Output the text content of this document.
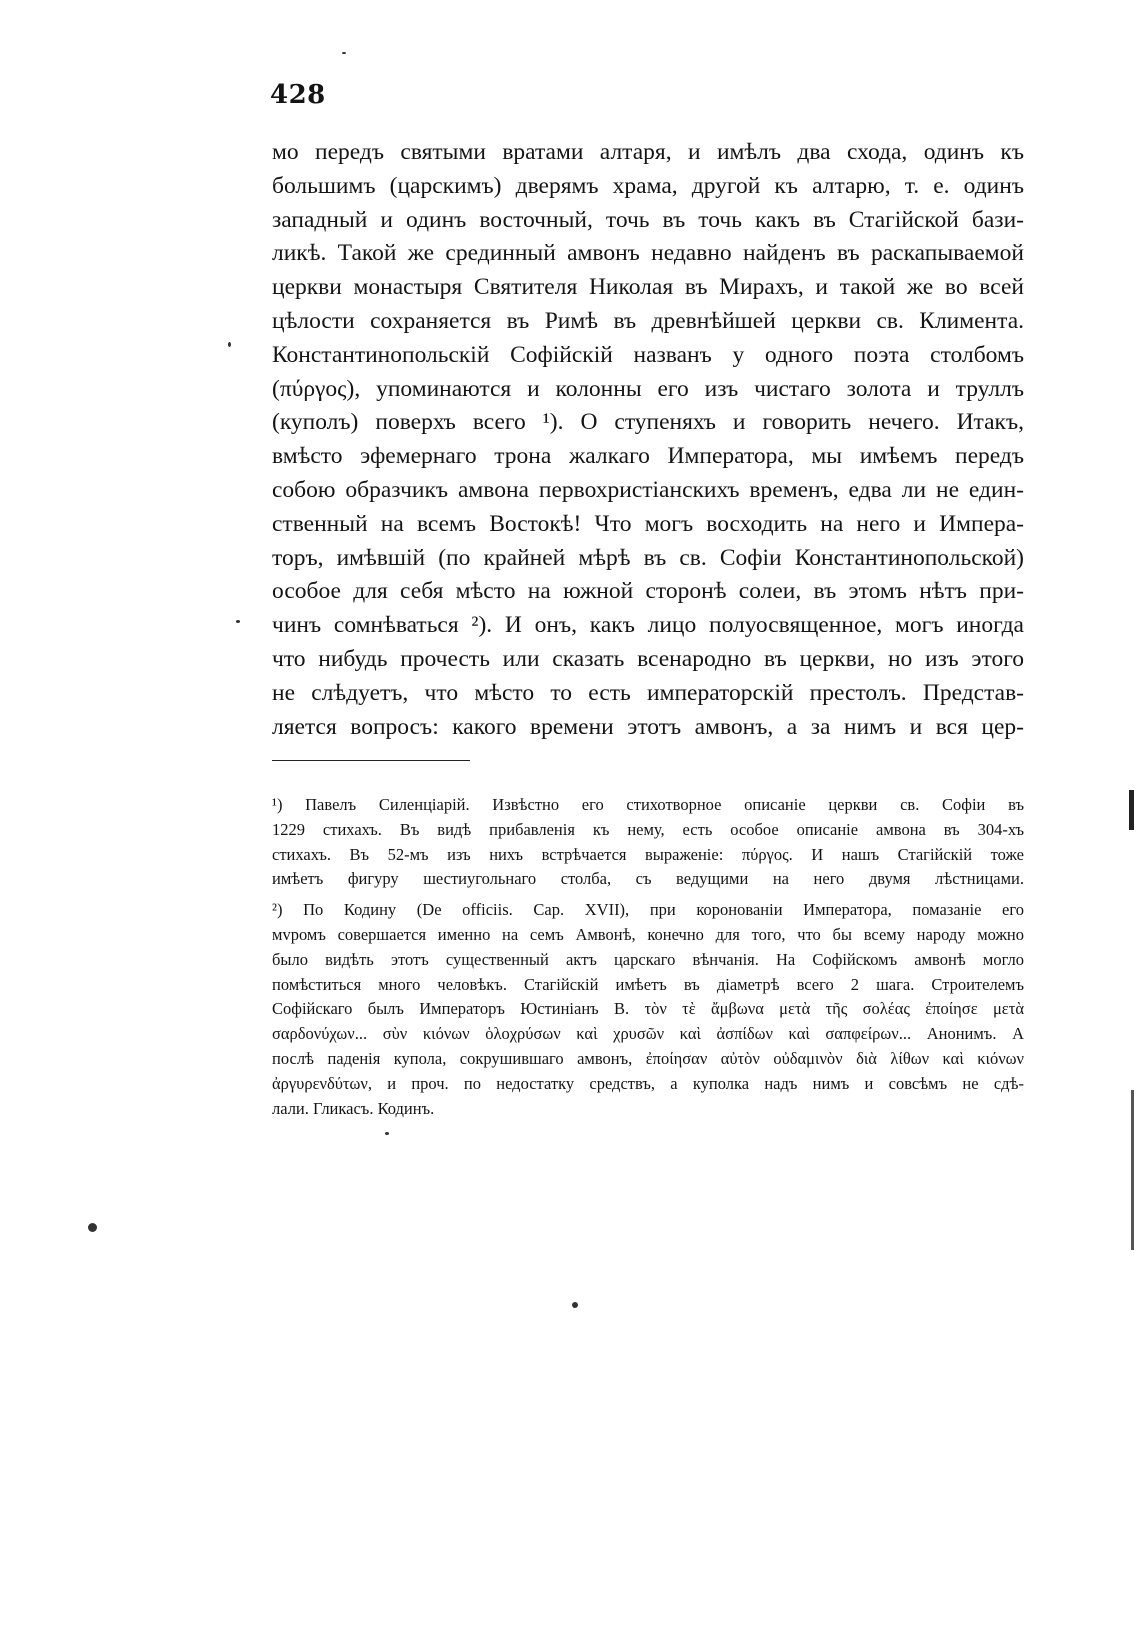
428
мо передъ святыми вратами алтаря, и имѣлъ два схода, одинъ къ
большимъ (царскимъ) дверямъ храма, другой къ алтарю, т. е. одинъ
западный и одинъ восточный, точь въ точь какъ въ Стагійской бази-
ликѣ. Такой же срединный амвонъ недавно найденъ въ раскапываемой
церкви монастыря Святителя Николая въ Мирахъ, и такой же во всей
цѣлости сохраняется въ Римѣ въ древнѣйшей церкви св. Климента.
Константинопольскій Софійскій названъ у одного поэта столбомъ
(πύργος), упоминаются и колонны его изъ чистаго золота и труллъ
(куполъ) поверхъ всего ¹). О ступеняхъ и говорить нечего. Итакъ,
вмѣсто эфемернаго трона жалкаго Императора, мы имѣемъ передъ
собою образчикъ амвона первохристіанскихъ временъ, едва ли не един-
ственный на всемъ Востокѣ! Что могъ восходить на него и Импера-
торъ, имѣвшій (по крайней мѣрѣ въ св. Софіи Константинопольской)
особое для себя мѣсто на южной сторонѣ солеи, въ этомъ нѣтъ при-
чинъ сомнѣваться ²). И онъ, какъ лицо полуосвященное, могъ иногда
что нибудь прочесть или сказать всенародно въ церкви, но изъ этого
не слѣдуетъ, что мѣсто то есть императорскій престолъ. Представ-
ляется вопросъ: какого времени этотъ амвонъ, а за нимъ и вся цер-
¹) Павелъ Силенціарій. Извѣстно его стихотворное описаніе церкви св. Софіи въ
1229 стихахъ. Въ видѣ прибавленія къ нему, есть особое описаніе амвона въ 304-хъ
стихахъ. Въ 52-мъ изъ нихъ встрѣчается выраженіе: πύργος. И нашъ Стагійскій тоже
имѣетъ фигуру шестиугольнаго столба, съ ведущими на него двумя лѣстницами.
²) По Кодину (De officiis. Cap. XVII), при коронованіи Императора, помазаніе его
мvромъ совершается именно на семъ Амвонѣ, конечно для того, что бы всему народу можно
было видѣть этотъ существенный актъ царскаго вѣнчанія. На Софійскомъ амвонѣ могло
помѣститься много человѣкъ. Стагійскій имѣетъ въ діаметрѣ всего 2 шага. Строителемъ
Софійскаго былъ Императоръ Юстиніанъ В. τὸν τὲ ἄμβωνα μετὰ τῆς σολέας ἐποίησε μετὰ
σαρδονύχων... σὺν κιόνων ὁλοχρύσων καὶ χρυσῶν καὶ ἀσπίδων καὶ σαπφείρων... Анонимъ. А
послѣ паденія купола, сокрушившаго амвонъ, ἐποίησαν αὐτὸν οὐδαμινὸν διὰ λίθων καὶ κιόνων
ἀργυρενδύτων, и проч. по недостатку средствъ, а куполка надъ нимъ и совсѣмъ не сдѣ-
лали. Гликасъ. Кодинъ.
